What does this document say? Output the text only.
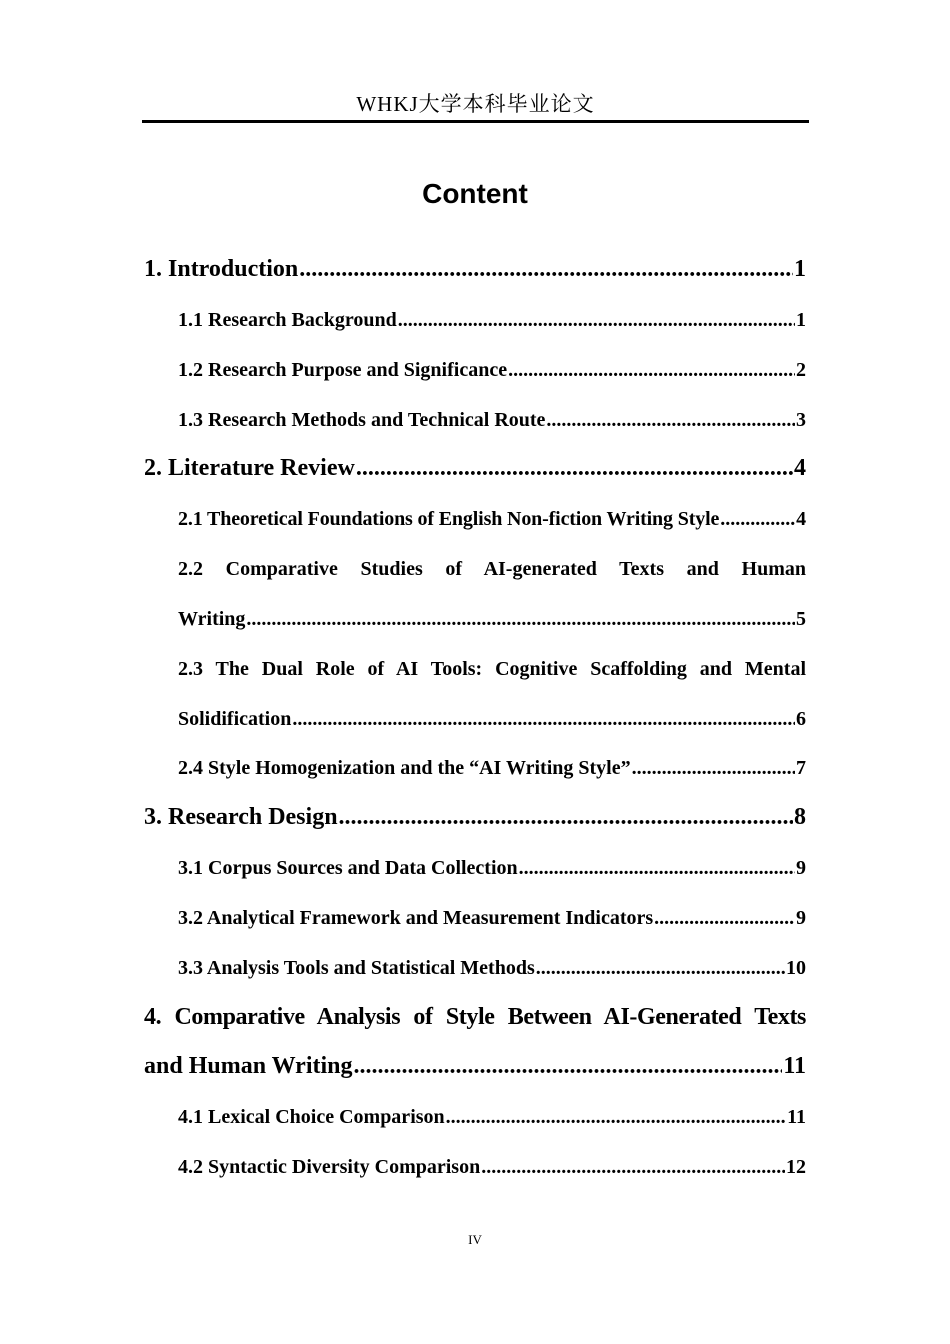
WHKJ大学本科毕业论文
Content
1. Introduction .....	1
1.1 Research Background .....	1
1.2 Research Purpose and Significance .....	2
1.3 Research Methods and Technical Route .....	3
2. Literature Review .....	4
2.1 Theoretical Foundations of English Non-fiction Writing Style .....	4
2.2 Comparative Studies of AI-generated Texts and Human
Writing .....	5
2.3 The Dual Role of AI Tools: Cognitive Scaffolding and Mental
Solidification .....	6
2.4 Style Homogenization and the “AI Writing Style” .....	7
3. Research Design .....	8
3.1 Corpus Sources and Data Collection .....	9
3.2 Analytical Framework and Measurement Indicators .....	9
3.3 Analysis Tools and Statistical Methods .....	10
4. Comparative Analysis of Style Between AI-Generated Texts
and Human Writing .....	11
4.1 Lexical Choice Comparison .....	11
4.2 Syntactic Diversity Comparison .....	12
IV
